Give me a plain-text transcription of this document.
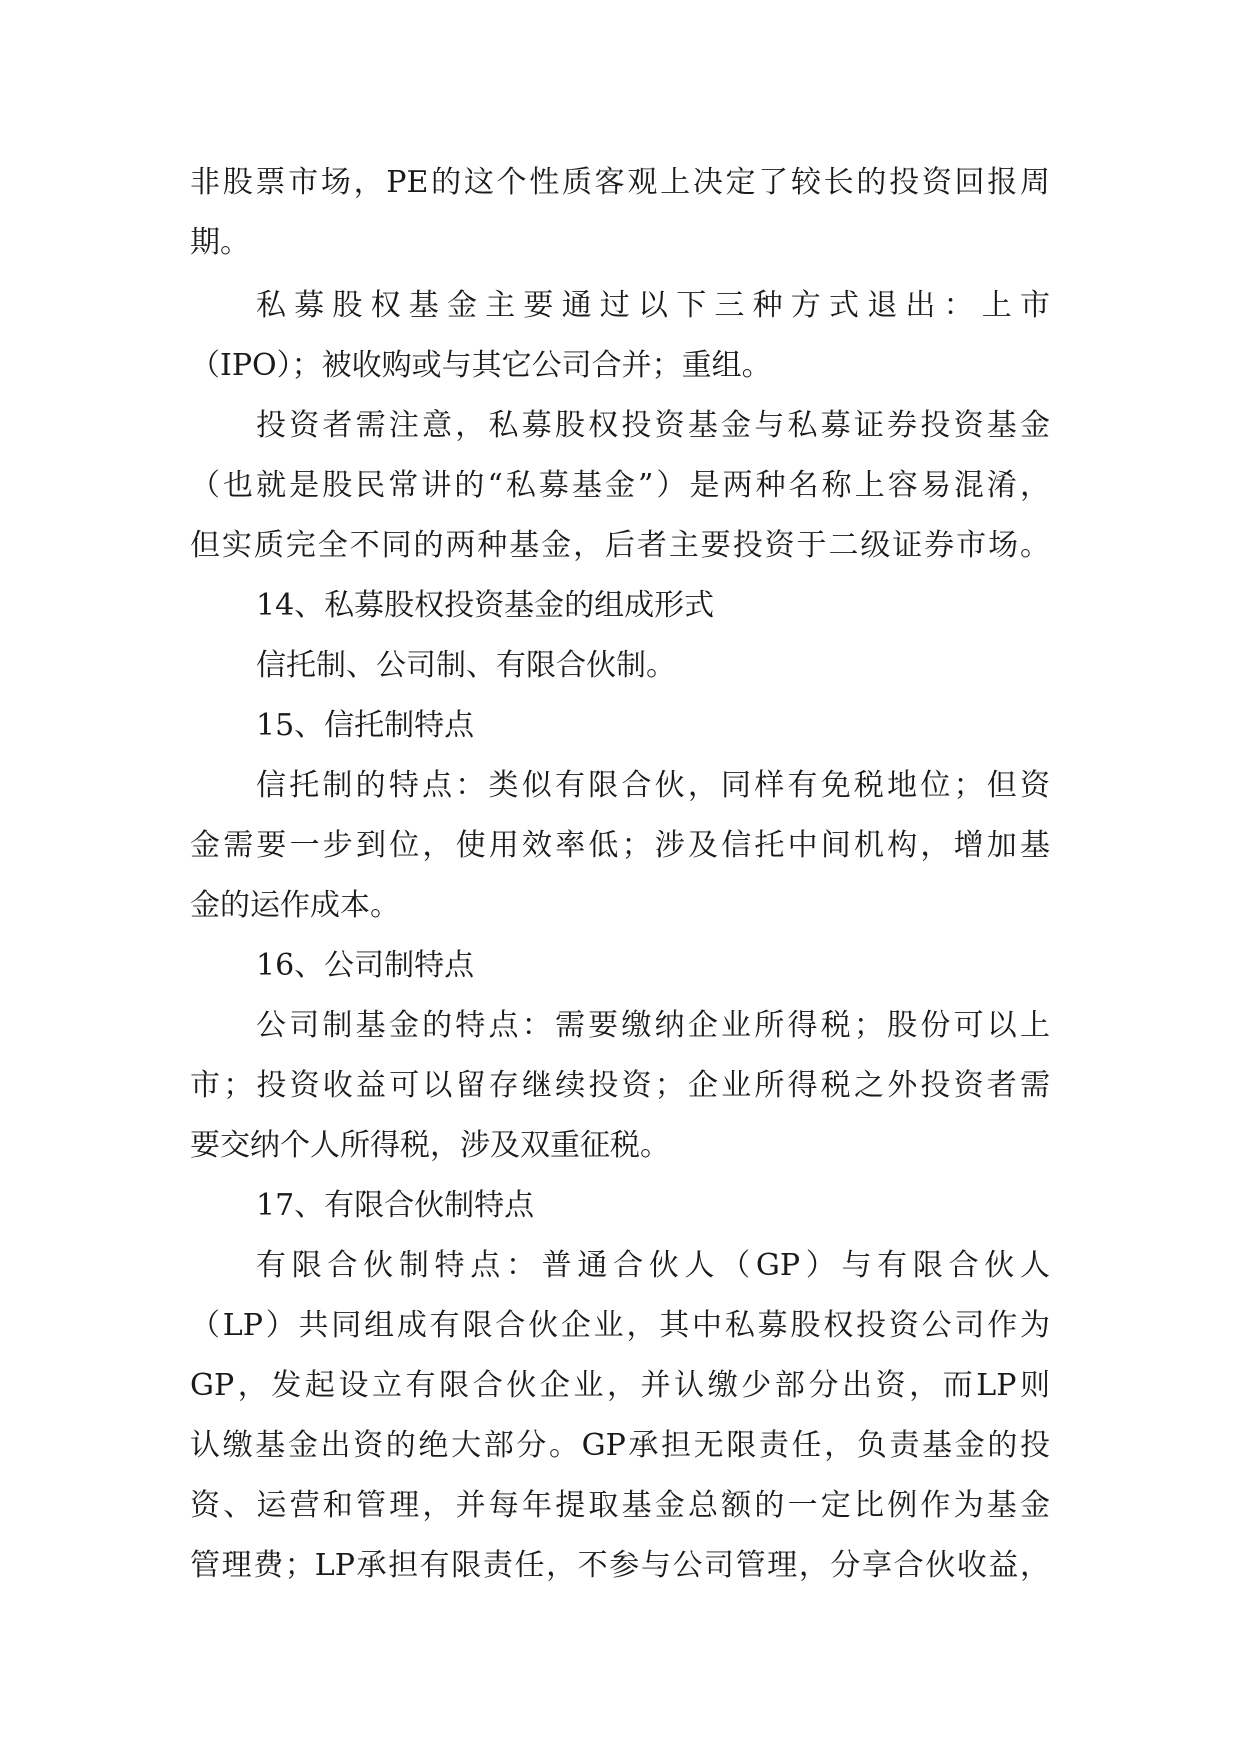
非股票市场，PE的这个性质客观上决定了较长的投资回报周
期。
私募股权基金主要通过以下三种方式退出：上市
（IPO）；被收购或与其它公司合并；重组。
投资者需注意，私募股权投资基金与私募证券投资基金
（也就是股民常讲的“私募基金”）是两种名称上容易混淆，
但实质完全不同的两种基金，后者主要投资于二级证券市场。
14、私募股权投资基金的组成形式
信托制、公司制、有限合伙制。
15、信托制特点
信托制的特点：类似有限合伙，同样有免税地位；但资
金需要一步到位，使用效率低；涉及信托中间机构，增加基
金的运作成本。
16、公司制特点
公司制基金的特点：需要缴纳企业所得税；股份可以上
市；投资收益可以留存继续投资；企业所得税之外投资者需
要交纳个人所得税，涉及双重征税。
17、有限合伙制特点
有限合伙制特点：普通合伙人（GP）与有限合伙人
（LP）共同组成有限合伙企业，其中私募股权投资公司作为
GP，发起设立有限合伙企业，并认缴少部分出资，而LP则
认缴基金出资的绝大部分。GP承担无限责任，负责基金的投
资、运营和管理，并每年提取基金总额的一定比例作为基金
管理费；LP承担有限责任，不参与公司管理，分享合伙收益，
